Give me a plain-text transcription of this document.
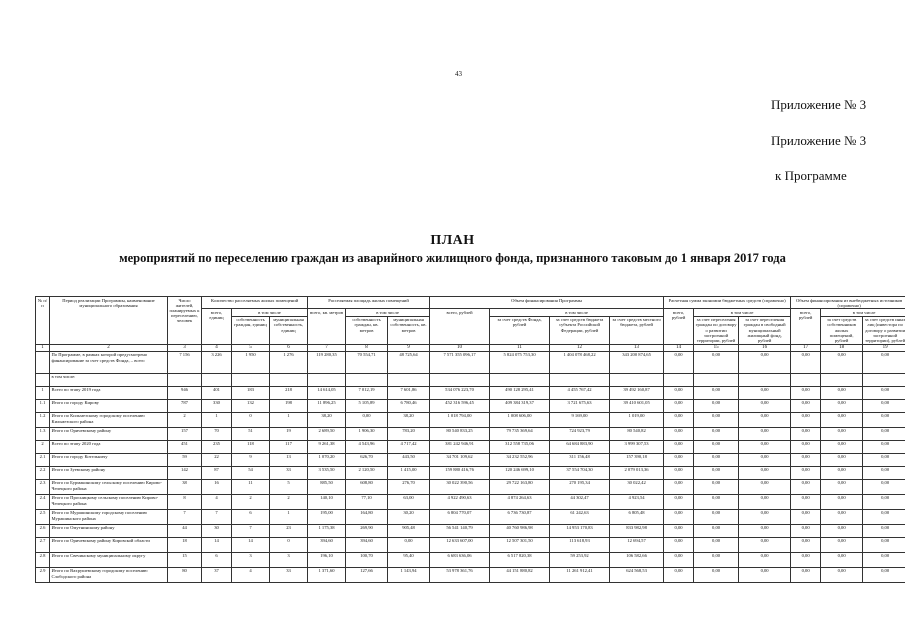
43
Приложение № 3
Приложение № 3
к Программе
ПЛАН
мероприятий по переселению граждан из аварийного жилищного фонда, признанного таковым до 1 января 2017 года
№ п/п	Период реализации Программы, наименование муниципального образования	Число жителей, планируемых к переселению, человек	Количество расселяемых жилых помещений			Расселяемая площадь жилых помещений			Объем финансирования Программы				Расчетная сумма экономии бюджетных средств (справочно)			Объем финансирования из внебюджетных источников (справочно)		
			всего, единиц	в том числе		всего, кв. метров	в том числе		всего, рублей	в том числе			всего, рублей	в том числе		всего, рублей	в том числе	
				собственность граждан, единиц	муниципальная собственность, единиц		собственность граждан, кв. метров	муниципальная собственность, кв. метров		за счет средств Фонда, рублей	за счет средств бюджета субъекта Российской Федерации, рублей	за счет средств местного бюджета, рублей		за счет переселения граждан по договору о развитии застроенной территории, рублей	за счет переселения граждан в свободный муниципальный жилищный фонд, рублей		за счет средств собственников жилых помещений, рублей	за счет средств иных лиц (инвестора по договору о развитии застроенной территории), рублей
1	2	3	4	5	6	7	8	9	10	11	12	13	14	15	16	17	18	19
	По Программе, в рамках которой предусмотрено финансирование за счет средств Фонда, – всего	7 156	3 226	1 950	1 276	119 280,35	70 554,71	48 725,64	7 571 355 096,17	5 824 075 753,30	1 404 078 468,22	343 200 874,65	0,00	0,00	0,00	0,00	0,00	0,00
	в том числе:																	
1	Всего по этапу 2019 года	946	401	183	218	14 614,05	7 012,19	7 601,86	534 076 223,70	490 128 295,41	4 455 767,42	39 492 160,87	0,00	0,00	0,00	0,00	0,00	0,00
1.1	Итого по городу Кирову	787	330	132	198	11 896,25	5 105,89	6 780,46	452 316 596,45	409 384 319,37	3 721 675,63	39 410 601,05	0,00	0,00	0,00	0,00	0,00	0,00
1.2	Итого по Кильмезскому городскому поселению Кильмезского района	2	1	0	1	38,20	0,00	38,20	1 018 794,00	1 008 606,00	9 169,00	1 019,00	0,00	0,00	0,00	0,00	0,00	0,00
1.3	Итого по Оричевскому району	157	70	51	19	2 689,50	1 906,30	783,20	80 540 833,25	79 735 369,64	724 923,79	80 540,82	0,00	0,00	0,00	0,00	0,00	0,00
2	Всего по этапу 2020 года	451	235	118	117	9 261,38	4 543,96	4 717,42	381 242 946,91	312 558 735,06	64 684 883,90	3 999 307,53	0,00	0,00	0,00	0,00	0,00	0,00
2.1	Итого по городу Котельничу	59	22	9	13	1 070,20	626,70	443,50	34 701 109,62	34 232 552,96	311 156,48	157 390,18	0,00	0,00	0,00	0,00	0,00	0,00
2.2	Итого по Зуевскому району	142	87	54	33	3 535,50	2 120,50	1 415,00	159 880 416,76	120 246 699,10	37 554 704,30	2 079 013,36	0,00	0,00	0,00	0,00	0,00	0,00
2.3	Итого по Бурмакинскому сельскому поселению Кирово-Чепецкого района	38	16	11	5	885,50	608,80	276,70	30 022 390,56	29 722 163,80	270 195,34	30 022,42	0,00	0,00	0,00	0,00	0,00	0,00
2.4	Итого по Просницкому сельскому поселению Кирово-Чепецкого района	8	4	2	2	140,10	77,10	63,00	4 922 490,63	4 874 264,63	44 302,47	4 923,54	0,00	0,00	0,00	0,00	0,00	0,00
2.5	Итого по Мурашинскому городскому поселению Мурашинского района	7	7	6	1	195,00	164,80	30,20	6 804 770,07	6 736 730,87	61 242,63	6 805,48	0,00	0,00	0,00	0,00	0,00	0,00
2.6	Итого по Омутнинскому району	44	30	7	23	1 175,38	269,90	905,48	56 541 140,79	40 760 986,98	14 953 170,83	833 982,98	0,00	0,00	0,00	0,00	0,00	0,00
2.7	Итого по Оричевскому району Кировской области	18	14	14	0	394,60	394,60	0,00	12 633 607,00	12 507 301,50	113 618,93	12 694,57	0,00	0,00	0,00	0,00	0,00	0,00
2.8	Итого по Свечинскому муниципальному округу	15	6	3	3	196,10	100,70	95,40	6 683 636,06	6 517 820,38	59 253,92	106 582,66	0,00	0,00	0,00	0,00	0,00	0,00
2.9	Итого по Вахрушевскому городскому поселению Слободского района	80	37	4	33	1 371,60	127,66	1 143,94	53 978 361,76	44 151 880,82	11 261 912,41	624 568,53	0,00	0,00	0,00	0,00	0,00	0,00
